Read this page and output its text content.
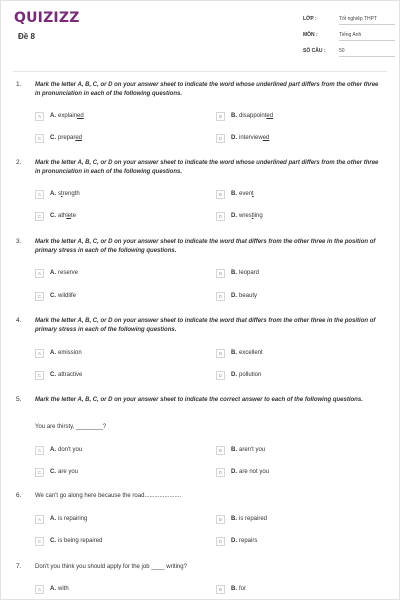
QUIZIZZ
Đề 8
LỚP :	Tốt nghiệp THPT
MÔN :	Tiếng Anh
SỐ CÂU :	50
1. Mark the letter A, B, C, or D on your answer sheet to indicate the word whose underlined part differs from the other three in pronunciation in each of the following questions.
A	A. explained	B	B. disappointed
C	C. prepared	D	D. interviewed
2. Mark the letter A, B, C, or D on your answer sheet to indicate the word whose underlined part differs from the other three in pronunciation in each of the following questions.
A	A. strength	B	B. event
C	C. athlete	D	D. wrestling
3. Mark the letter A, B, C, or D on your answer sheet to indicate the word that differs from the other three in the position of primary stress in each of the following questions.
A	A. reserve	B	B. leopard
C	C. wildlife	D	D. beauty
4. Mark the letter A, B, C, or D on your answer sheet to indicate the word that differs from the other three in the position of primary stress in each of the following questions.
A	A. emission	B	B. excellent
C	C. attractive	D	D. pollution
5. Mark the letter A, B, C, or D on your answer sheet to indicate the correct answer to each of the following questions.
You are thirsty, ________?
A	A. don't you	B	B. aren't you
C	C. are you	D	D. are not you
6. We can't go along here because the road......................
A	A. is repairing	B	B. is repaired
C	C. is being repaired	D	D. repairs
7. Don't you think you should apply for the job ____ writing?
A	A. with	B	B. for
